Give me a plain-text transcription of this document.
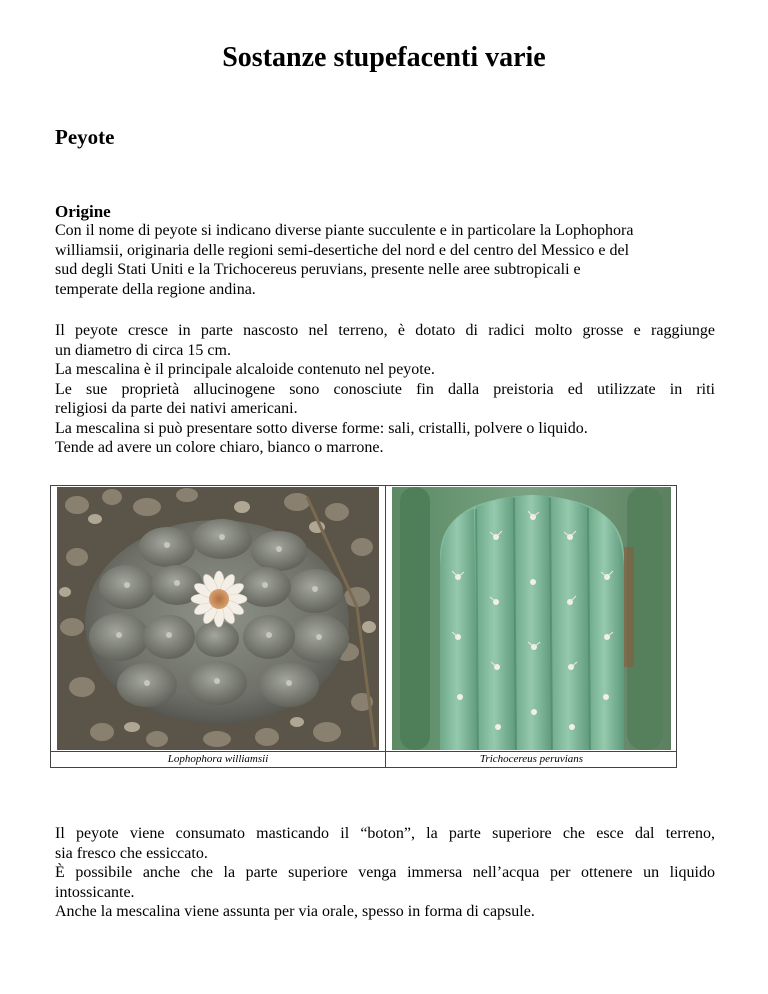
Sostanze stupefacenti varie
Peyote
Origine
Con il nome di peyote si indicano diverse piante succulente e in particolare la Lophophora
williamsii, originaria delle regioni semi-desertiche del nord e del centro del Messico e del
sud degli Stati Uniti e la Trichocereus peruvians, presente nelle aree subtropicali e
temperate della regione andina.
Il peyote cresce in parte nascosto nel terreno, è dotato di radici molto grosse e raggiunge
un diametro di circa 15 cm.
La mescalina è il principale alcaloide contenuto nel peyote.
Le sue proprietà allucinogene sono conosciute fin dalla preistoria ed utilizzate in riti
religiosi da parte dei nativi americani.
La mescalina si può presentare sotto diverse forme: sali, cristalli, polvere o liquido.
Tende ad avere un colore chiaro, bianco o marrone.
Lophophora williamsii	Trichocereus peruvians
Il peyote viene consumato masticando il “boton”, la parte superiore che esce dal terreno,
sia fresco che essiccato.
È possibile anche che la parte superiore venga immersa nell’acqua per ottenere un liquido
intossicante.
Anche la mescalina viene assunta per via orale, spesso in forma di capsule.
